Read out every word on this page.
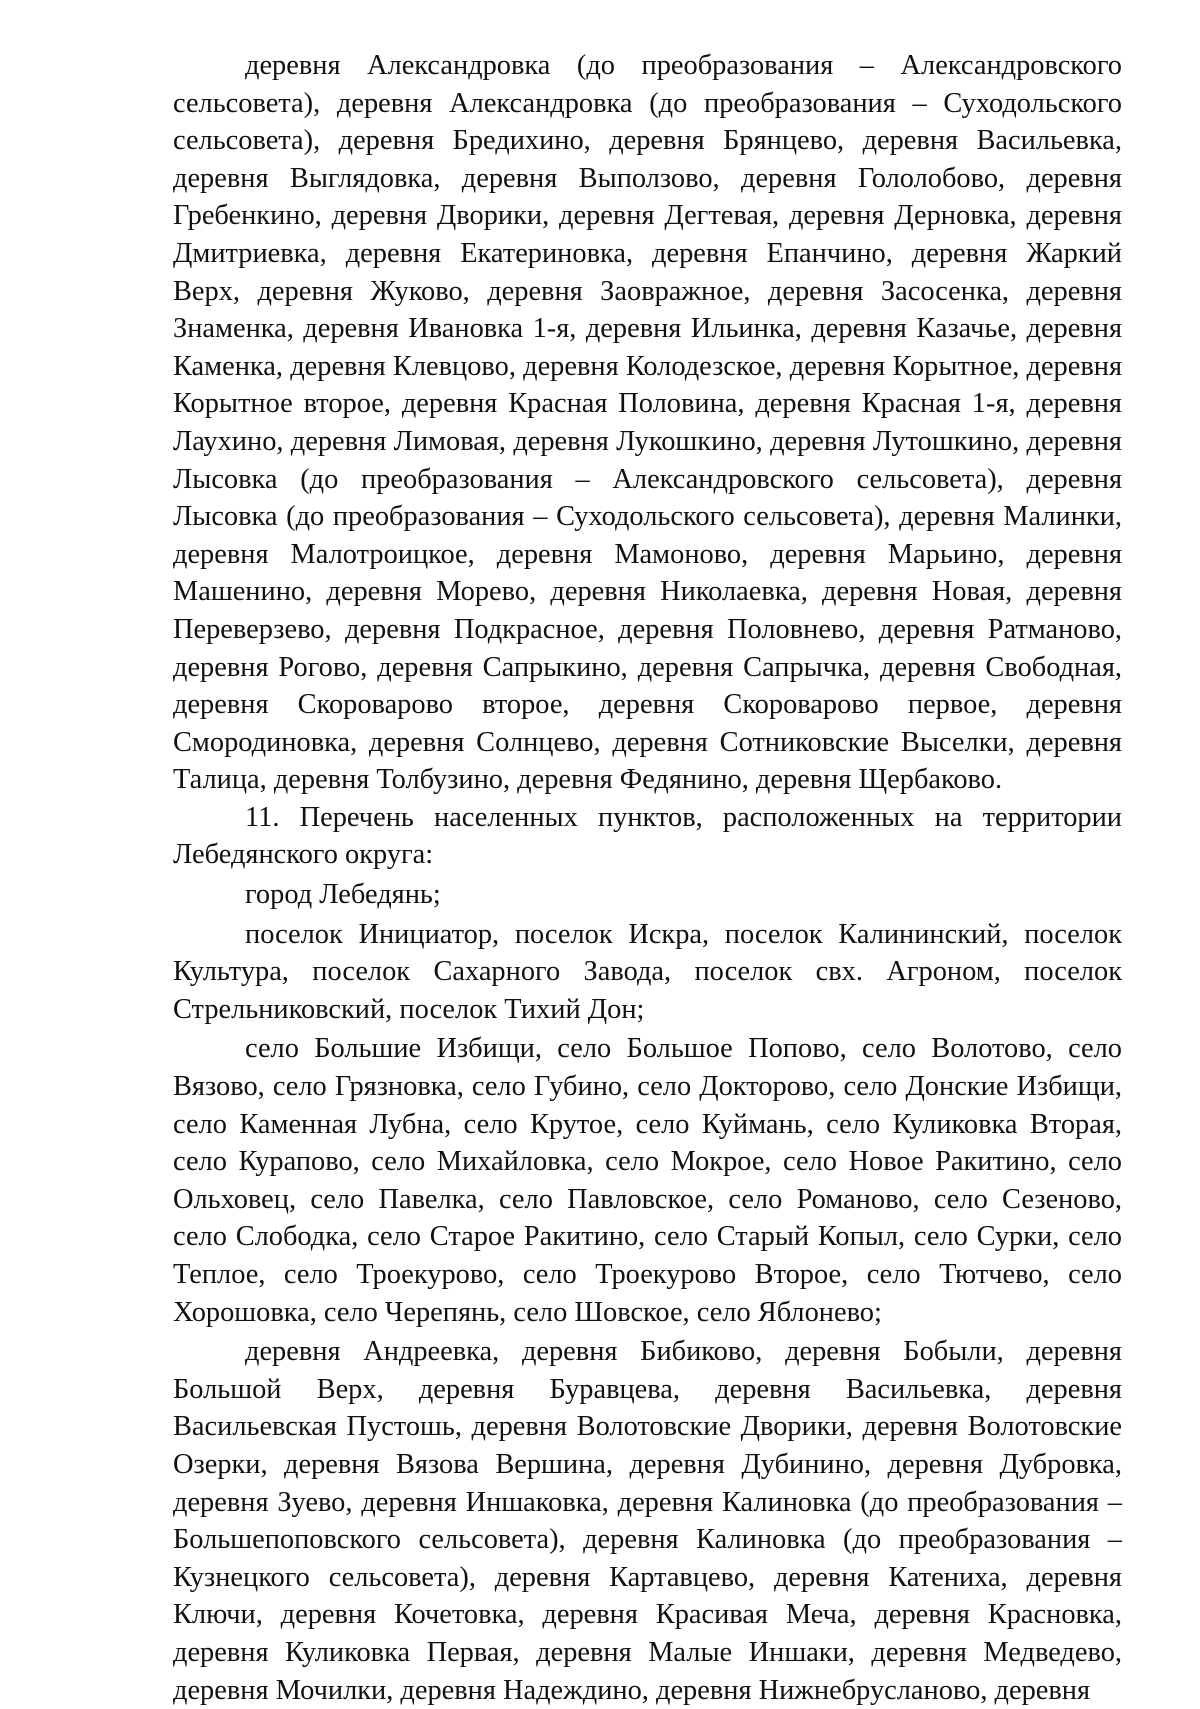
деревня Александровка (до преобразования – Александровского сельсовета), деревня Александровка (до преобразования – Суходольского сельсовета), деревня Бредихино, деревня Брянцево, деревня Васильевка, деревня Выглядовка, деревня Выползово, деревня Гололобово, деревня Гребенкино, деревня Дворики, деревня Дегтевая, деревня Дерновка, деревня Дмитриевка, деревня Екатериновка, деревня Епанчино, деревня Жаркий Верх, деревня Жуково, деревня Заовражное, деревня Засосенка, деревня Знаменка, деревня Ивановка 1-я, деревня Ильинка, деревня Казачье, деревня Каменка, деревня Клевцово, деревня Колодезское, деревня Корытное, деревня Корытное второе, деревня Красная Половина, деревня Красная 1-я, деревня Лаухино, деревня Лимовая, деревня Лукошкино, деревня Лутошкино, деревня Лысовка (до преобразования – Александровского сельсовета), деревня Лысовка (до преобразования – Суходольского сельсовета), деревня Малинки, деревня Малотроицкое, деревня Мамоново, деревня Марьино, деревня Машенино, деревня Морево, деревня Николаевка, деревня Новая, деревня Переверзево, деревня Подкрасное, деревня Половнево, деревня Ратманово, деревня Рогово, деревня Сапрыкино, деревня Сапрычка, деревня Свободная, деревня Скороварово второе, деревня Скороварово первое, деревня Смородиновка, деревня Солнцево, деревня Сотниковские Выселки, деревня Талица, деревня Толбузино, деревня Федянино, деревня Щербаково.

11. Перечень населенных пунктов, расположенных на территории Лебедянского округа:

город Лебедянь;

поселок Инициатор, поселок Искра, поселок Калининский, поселок Культура, поселок Сахарного Завода, поселок свх. Агроном, поселок Стрельниковский, поселок Тихий Дон;

село Большие Избищи, село Большое Попово, село Волотово, село Вязово, село Грязновка, село Губино, село Докторово, село Донские Избищи, село Каменная Лубна, село Крутое, село Куймань, село Куликовка Вторая, село Курапово, село Михайловка, село Мокрое, село Новое Ракитино, село Ольховец, село Павелка, село Павловское, село Романово, село Сезеново, село Слободка, село Старое Ракитино, село Старый Копыл, село Сурки, село Теплое, село Троекурово, село Троекурово Второе, село Тютчево, село Хорошовка, село Черепянь, село Шовское, село Яблонево;

деревня Андреевка, деревня Бибиково, деревня Бобыли, деревня Большой Верх, деревня Буравцева, деревня Васильевка, деревня Васильевская Пустошь, деревня Волотовские Дворики, деревня Волотовские Озерки, деревня Вязова Вершина, деревня Дубинино, деревня Дубровка, деревня Зуево, деревня Иншаковка, деревня Калиновка (до преобразования – Большепоповского сельсовета), деревня Калиновка (до преобразования – Кузнецкого сельсовета), деревня Картавцево, деревня Катениха, деревня Ключи, деревня Кочетовка, деревня Красивая Меча, деревня Красновка, деревня Куликовка Первая, деревня Малые Иншаки, деревня Медведево, деревня Мочилки, деревня Надеждино, деревня Нижнебрусланово, деревня
